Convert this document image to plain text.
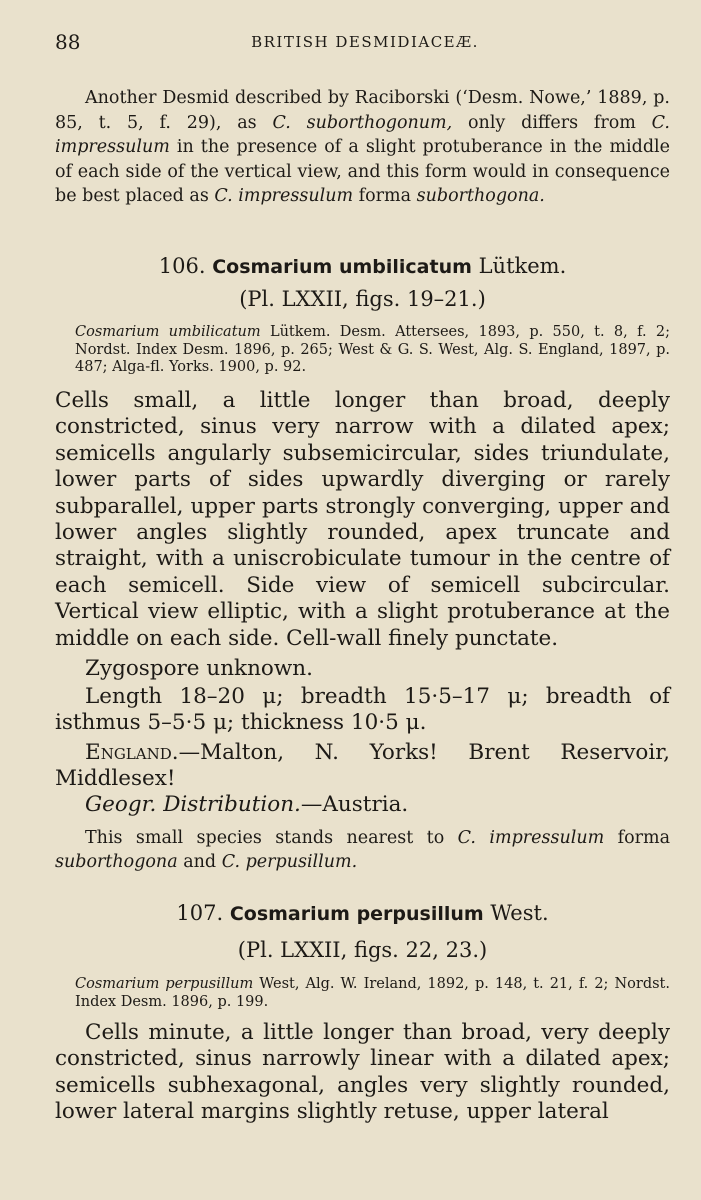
88	BRITISH DESMIDIACEÆ.

Another Desmid described by Raciborski (‘Desm. Nowe,’ 1889, p. 85, t. 5, f. 29), as C. suborthogonum, only differs from C. impressulum in the presence of a slight protuberance in the middle of each side of the vertical view, and this form would in consequence be best placed as C. impressulum forma suborthogona.

106. Cosmarium umbilicatum Lütkem.
(Pl. LXXII, figs. 19–21.)

Cosmarium umbilicatum Lütkem. Desm. Attersees, 1893, p. 550, t. 8, f. 2; Nordst. Index Desm. 1896, p. 265; West & G. S. West, Alg. S. England, 1897, p. 487; Alga-fl. Yorks. 1900, p. 92.

Cells small, a little longer than broad, deeply constricted, sinus very narrow with a dilated apex; semicells angularly subsemicircular, sides triundulate, lower parts of sides upwardly diverging or rarely subparallel, upper parts strongly converging, upper and lower angles slightly rounded, apex truncate and straight, with a uniscrobiculate tumour in the centre of each semicell. Side view of semicell subcircular. Vertical view elliptic, with a slight protuberance at the middle on each side. Cell-wall finely punctate.

Zygospore unknown.

Length 18–20 μ; breadth 15·5–17 μ; breadth of isthmus 5–5·5 μ; thickness 10·5 μ.

England.—Malton, N. Yorks! Brent Reservoir, Middlesex!

Geogr. Distribution.—Austria.

This small species stands nearest to C. impressulum forma suborthogona and C. perpusillum.

107. Cosmarium perpusillum West.
(Pl. LXXII, figs. 22, 23.)

Cosmarium perpusillum West, Alg. W. Ireland, 1892, p. 148, t. 21, f. 2; Nordst. Index Desm. 1896, p. 199.

Cells minute, a little longer than broad, very deeply constricted, sinus narrowly linear with a dilated apex; semicells subhexagonal, angles very slightly rounded, lower lateral margins slightly retuse, upper lateral
